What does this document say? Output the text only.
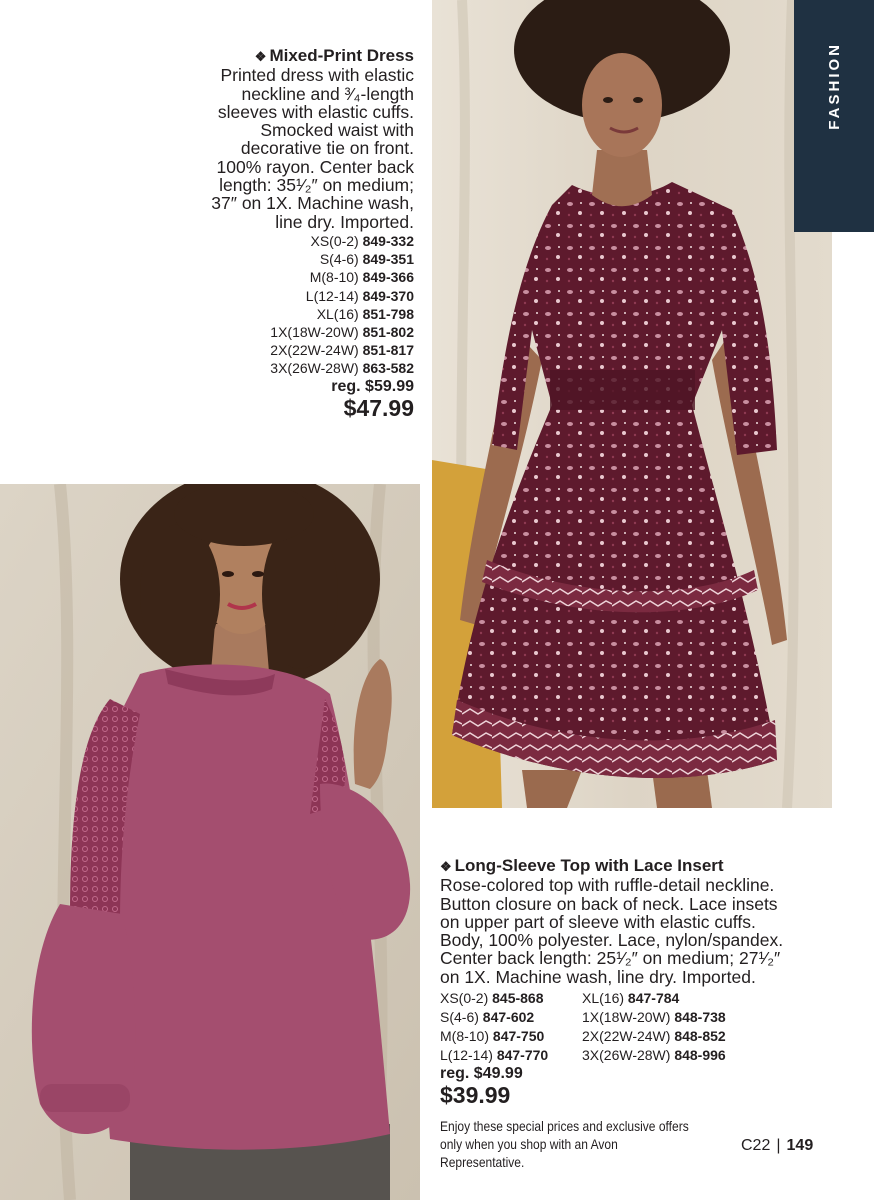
FASHION
❖ Mixed-Print Dress
Printed dress with elastic
neckline and ³⁄₄-length
sleeves with elastic cuffs.
Smocked waist with
decorative tie on front.
100% rayon. Center back
length: 35¹⁄₂″ on medium;
37″ on 1X. Machine wash,
line dry. Imported.
XS(0-2) 849-332
S(4-6) 849-351
M(8-10) 849-366
L(12-14) 849-370
XL(16) 851-798
1X(18W-20W) 851-802
2X(22W-24W) 851-817
3X(26W-28W) 863-582
reg. $59.99
$47.99
❖ Long-Sleeve Top with Lace Insert
Rose-colored top with ruffle-detail neckline.
Button closure on back of neck. Lace insets
on upper part of sleeve with elastic cuffs.
Body, 100% polyester. Lace, nylon/spandex.
Center back length: 25¹⁄₂″ on medium; 27¹⁄₂″
on 1X. Machine wash, line dry. Imported.
XS(0-2) 845-868	XL(16) 847-784
S(4-6) 847-602	1X(18W-20W) 848-738
M(8-10) 847-750	2X(22W-24W) 848-852
L(12-14) 847-770	3X(26W-28W) 848-996
reg. $49.99
$39.99
Enjoy these special prices and exclusive offers
only when you shop with an Avon Representative.
C22 | 149
